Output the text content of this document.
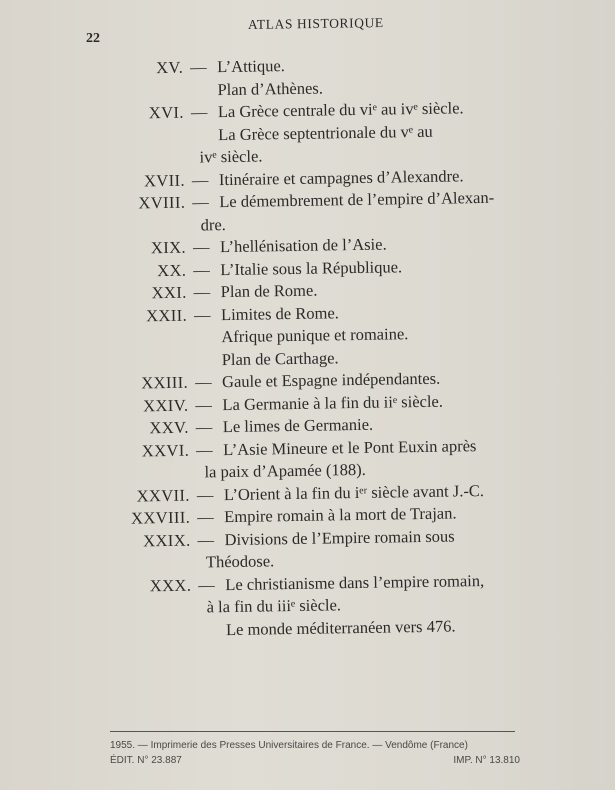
22
ATLAS HISTORIQUE
XV. — L’Attique.
Plan d’Athènes.
XVI. — La Grèce centrale du viᵉ au ivᵉ siècle.
La Grèce septentrionale du vᵉ au
ivᵉ siècle.
XVII. — Itinéraire et campagnes d’Alexandre.
XVIII. — Le démembrement de l’empire d’Alexan-
dre.
XIX. — L’hellénisation de l’Asie.
XX. — L’Italie sous la République.
XXI. — Plan de Rome.
XXII. — Limites de Rome.
Afrique punique et romaine.
Plan de Carthage.
XXIII. — Gaule et Espagne indépendantes.
XXIV. — La Germanie à la fin du iiᵉ siècle.
XXV. — Le limes de Germanie.
XXVI. — L’Asie Mineure et le Pont Euxin après
la paix d’Apamée (188).
XXVII. — L’Orient à la fin du iᵉʳ siècle avant J.-C.
XXVIII. — Empire romain à la mort de Trajan.
XXIX. — Divisions de l’Empire romain sous
Théodose.
XXX. — Le christianisme dans l’empire romain,
à la fin du iiiᵉ siècle.
Le monde méditerranéen vers 476.
1955. — Imprimerie des Presses Universitaires de France. — Vendôme (France)
ÉDIT. N° 23.887	IMP. N° 13.810
